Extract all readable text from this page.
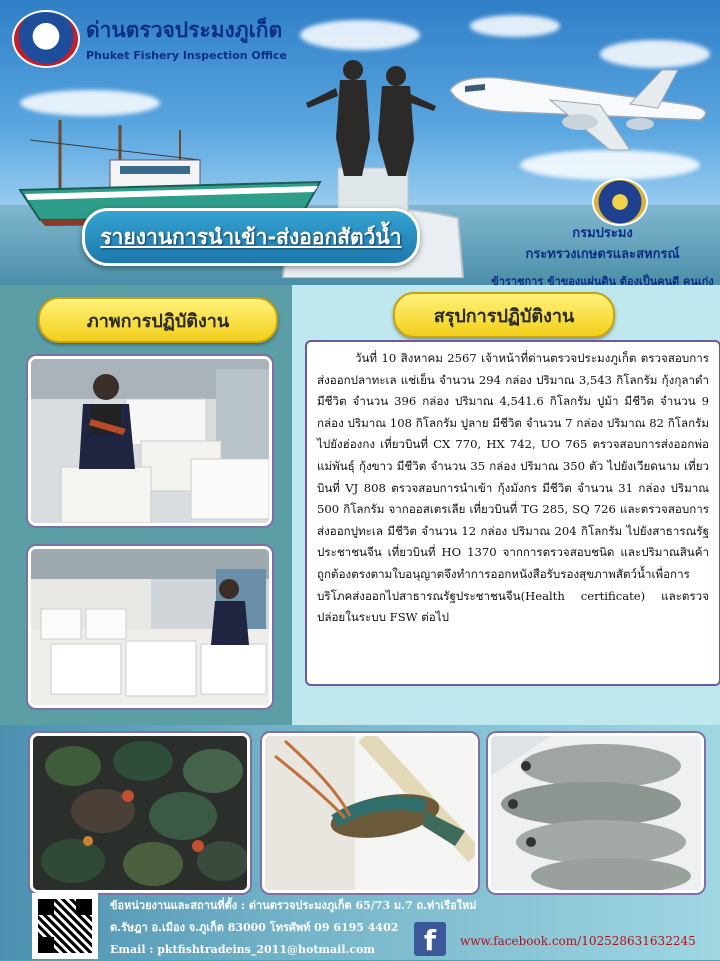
ด่านตรวจประมงภูเก็ต
Phuket Fishery Inspection Office
รายงานการนำเข้า-ส่งออกสัตว์น้ำ	กรมประมง
กระทรวงเกษตรและสหกรณ์
ข้าราชการ ข้าของแผ่นดิน ต้องเป็นคนดี คนเก่ง
ภาพการปฏิบัติงาน	สรุปการปฏิบัติงาน
วันที่ 10 สิงหาคม 2567 เจ้าหน้าที่ด่านตรวจประมงภูเก็ต ตรวจสอบการส่งออกปลาทะเล แช่เย็น จำนวน 294 กล่อง ปริมาณ 3,543 กิโลกรัม กุ้งกุลาดำ มีชีวิต จำนวน 396 กล่อง ปริมาณ 4,541.6 กิโลกรัม ปูม้า มีชีวิต จำนวน 9 กล่อง ปริมาณ 108 กิโลกรัม ปูลาย มีชีวิต จำนวน 7 กล่อง ปริมาณ 82 กิโลกรัม ไปยังฮ่องกง เที่ยวบินที่ CX 770, HX 742, UO 765 ตรวจสอบการส่งออกพ่อแม่พันธุ์ กุ้งขาว มีชีวิต จำนวน 35 กล่อง ปริมาณ 350 ตัว ไปยังเวียดนาม เที่ยวบินที่ VJ 808 ตรวจสอบการนำเข้า กุ้งมังกร มีชีวิต จำนวน 31 กล่อง ปริมาณ 500 กิโลกรัม จากออสเตรเลีย เที่ยวบินที่ TG 285, SQ 726 และตรวจสอบการส่งออกปูทะเล มีชีวิต จำนวน 12 กล่อง ปริมาณ 204 กิโลกรัม ไปยังสาธารณรัฐประชาชนจีน เที่ยวบินที่ HO 1370 จากการตรวจสอบชนิด และปริมาณสินค้าถูกต้องตรงตามใบอนุญาตจึงทำการออกหนังสือรับรองสุขภาพสัตว์น้ำเพื่อการบริโภคส่งออกไปสาธารณรัฐประชาชนจีน(Health certificate) และตรวจปล่อยในระบบ FSW ต่อไป
ข้อหน่วยงานและสถานที่ตั้ง : ด่านตรวจประมงภูเก็ต 65/73 ม.7 ถ.ท่าเรือใหม่
ต.รัษฎา อ.เมือง จ.ภูเก็ต 83000 โทรศัพท์ 09 6195 4402
Email : pktfishtradeins_2011@hotmail.com	f	www.facebook.com/102528631632245
